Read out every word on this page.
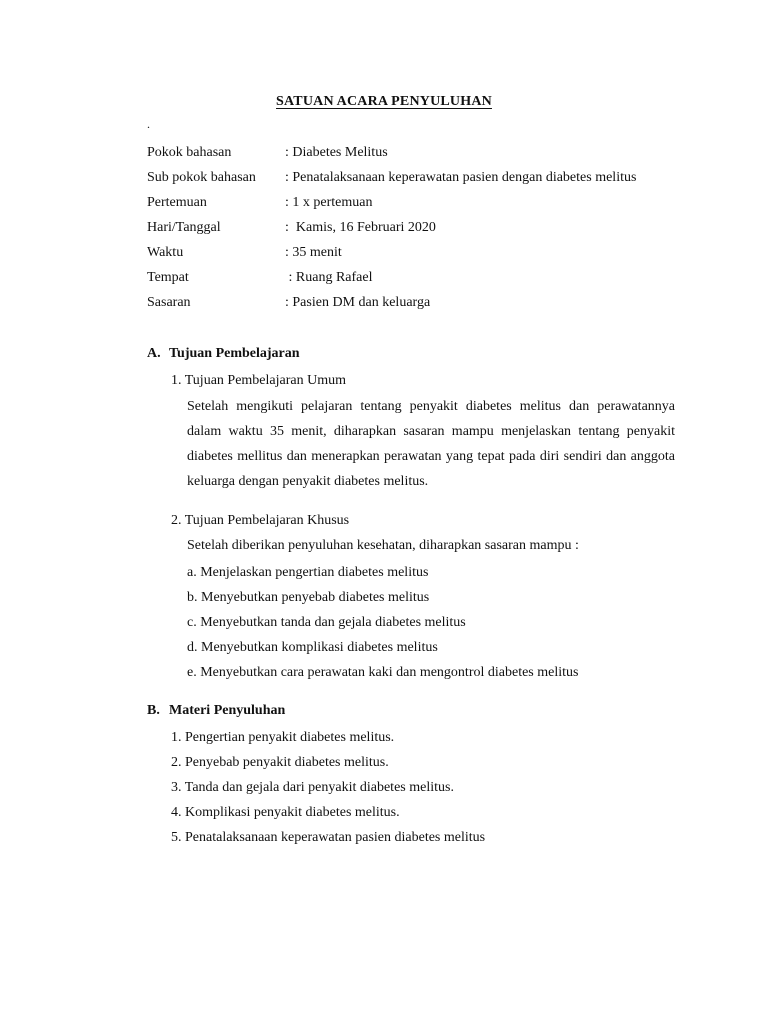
SATUAN ACARA PENYULUHAN
.
Pokok bahasan	: Diabetes Melitus
Sub pokok bahasan : Penatalaksanaan keperawatan pasien dengan diabetes melitus
Pertemuan	: 1 x pertemuan
Hari/Tanggal	:  Kamis, 16 Februari 2020
Waktu	: 35 menit
Tempat	: Ruang Rafael
Sasaran	: Pasien DM dan keluarga
A. Tujuan Pembelajaran
1. Tujuan Pembelajaran Umum
Setelah mengikuti pelajaran tentang penyakit diabetes melitus dan perawatannya dalam waktu 35 menit, diharapkan sasaran mampu menjelaskan tentang penyakit diabetes mellitus dan menerapkan perawatan yang tepat pada diri sendiri dan anggota keluarga dengan penyakit diabetes melitus.
2. Tujuan Pembelajaran Khusus
Setelah diberikan penyuluhan kesehatan, diharapkan sasaran mampu :
a. Menjelaskan pengertian diabetes melitus
b. Menyebutkan penyebab diabetes melitus
c. Menyebutkan tanda dan gejala diabetes melitus
d. Menyebutkan komplikasi diabetes melitus
e. Menyebutkan cara perawatan kaki dan mengontrol diabetes melitus
B. Materi Penyuluhan
1. Pengertian penyakit diabetes melitus.
2. Penyebab penyakit diabetes melitus.
3. Tanda dan gejala dari penyakit diabetes melitus.
4. Komplikasi penyakit diabetes melitus.
5. Penatalaksanaan keperawatan pasien diabetes melitus
